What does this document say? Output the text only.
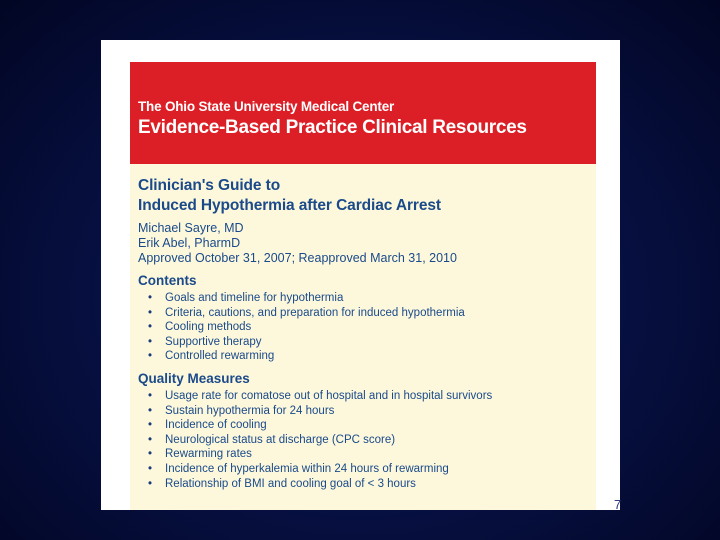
The Ohio State University Medical Center
Evidence-Based Practice Clinical Resources
Clinician's Guide to
Induced Hypothermia after Cardiac Arrest
Michael Sayre, MD
Erik Abel, PharmD
Approved October 31, 2007; Reapproved March 31, 2010
Contents
• Goals and timeline for hypothermia
• Criteria, cautions, and preparation for induced hypothermia
• Cooling methods
• Supportive therapy
• Controlled rewarming
Quality Measures
• Usage rate for comatose out of hospital and in hospital survivors
• Sustain hypothermia for 24 hours
• Incidence of cooling
• Neurological status at discharge (CPC score)
• Rewarming rates
• Incidence of hyperkalemia within 24 hours of rewarming
• Relationship of BMI and cooling goal of < 3 hours
7
